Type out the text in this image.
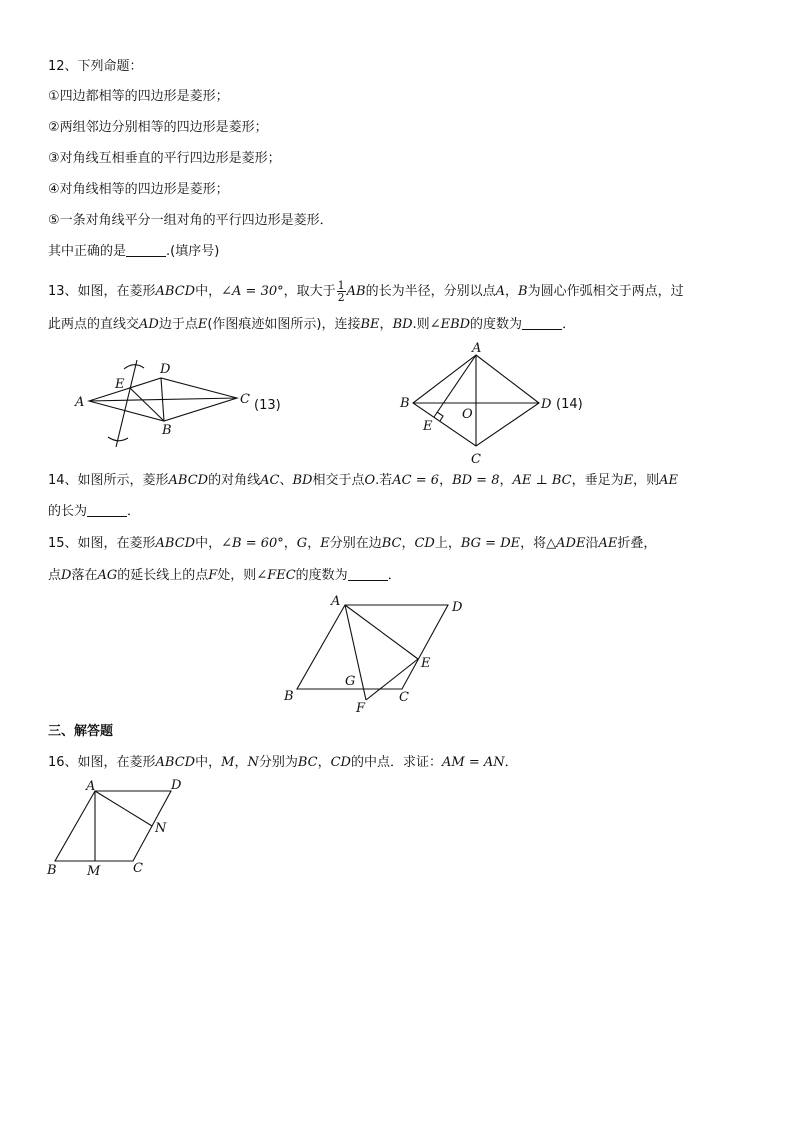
12、下列命题：
①四边都相等的四边形是菱形；
②两组邻边分别相等的四边形是菱形；
③对角线互相垂直的平行四边形是菱形；
④对角线相等的四边形是菱形；
⑤一条对角线平分一组对角的平行四边形是菱形．
其中正确的是	.(填序号)
13、如图，在菱形ABCD中，∠A = 30°，取大于 $\frac{1}{2}$ AB的长为半径，分别以点A，B为圆心作弧相交于两点，过
此两点的直线交AD边于点E(作图痕迹如图所示)，连接BE，BD.则∠EBD的度数为	．
14、如图所示，菱形ABCD的对角线AC、BD相交于点O.若AC = 6，BD = 8，AE ⊥ BC，垂足为E，则AE
的长为	．
15、如图，在菱形ABCD中，∠B = 60°，G，E分别在边BC，CD上，BG = DE，将△ADE沿AE折叠，
点D落在AG的延长线上的点F处，则∠FEC的度数为	．
三、解答题
16、如图，在菱形ABCD中，M，N分别为BC，CD的中点．求证：AM = AN．
A
D
C
B
E
(13)
A
B	D
C
O
E
(14)
A	D
E
B
G
C
F
A	D
N
B M	C
